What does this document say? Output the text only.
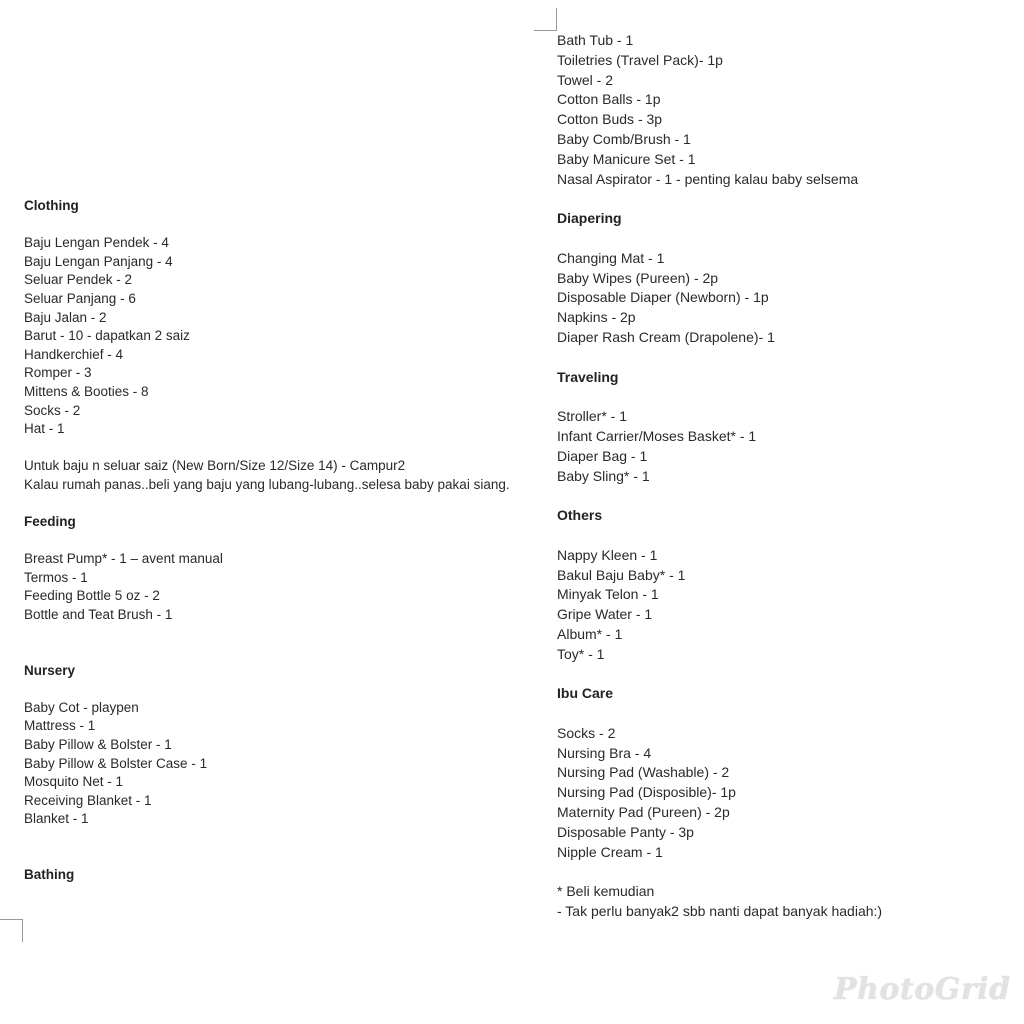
Clothing
Baju Lengan Pendek - 4
Baju Lengan Panjang - 4
Seluar Pendek - 2
Seluar Panjang - 6
Baju Jalan - 2
Barut - 10 - dapatkan 2 saiz
Handkerchief - 4
Romper - 3
Mittens & Booties - 8
Socks - 2
Hat - 1
Untuk baju n seluar saiz (New Born/Size 12/Size 14) - Campur2
Kalau rumah panas..beli yang baju yang lubang-lubang..selesa baby pakai siang.
Feeding
Breast Pump* - 1 – avent manual
Termos - 1
Feeding Bottle 5 oz - 2
Bottle and Teat Brush - 1
Nursery
Baby Cot - playpen
Mattress - 1
Baby Pillow & Bolster - 1
Baby Pillow & Bolster Case - 1
Mosquito Net - 1
Receiving Blanket - 1
Blanket - 1
Bathing
Bath Tub - 1
Toiletries (Travel Pack)- 1p
Towel - 2
Cotton Balls - 1p
Cotton Buds - 3p
Baby Comb/Brush - 1
Baby Manicure Set - 1
Nasal Aspirator - 1 - penting kalau baby selsema
Diapering
Changing Mat - 1
Baby Wipes (Pureen) - 2p
Disposable Diaper (Newborn) - 1p
Napkins - 2p
Diaper Rash Cream (Drapolene)- 1
Traveling
Stroller* - 1
Infant Carrier/Moses Basket* - 1
Diaper Bag - 1
Baby Sling* - 1
Others
Nappy Kleen - 1
Bakul Baju Baby* - 1
Minyak Telon - 1
Gripe Water - 1
Album* - 1
Toy* - 1
Ibu Care
Socks - 2
Nursing Bra - 4
Nursing Pad (Washable) - 2
Nursing Pad (Disposible)- 1p
Maternity Pad (Pureen) - 2p
Disposable Panty - 3p
Nipple Cream - 1
* Beli kemudian
- Tak perlu banyak2 sbb nanti dapat banyak hadiah:)
PhotoGrid
